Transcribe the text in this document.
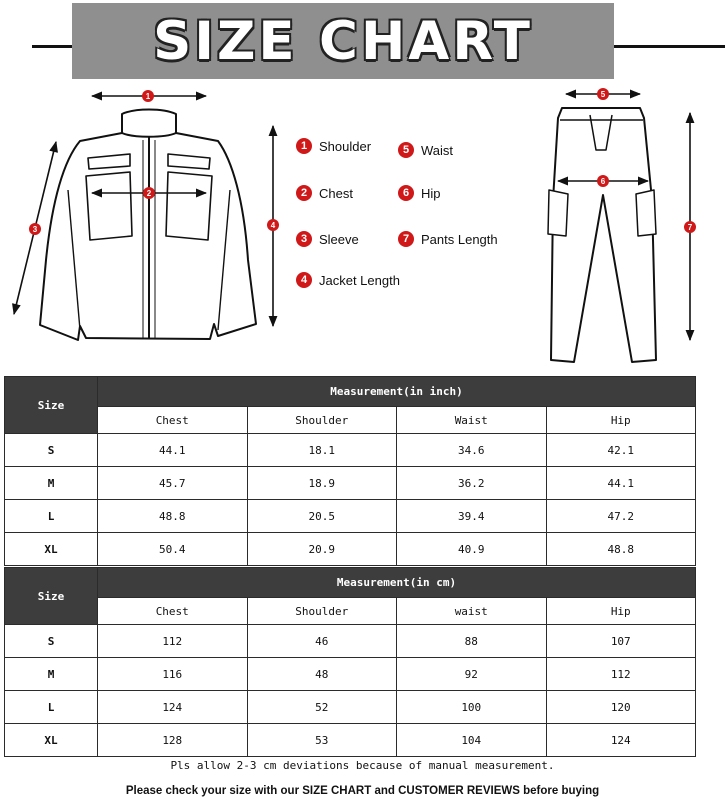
SIZE CHART
1
2
3	4
5
6
7
1 Shoulder	5 Waist
2 Chest	6 Hip
3 Sleeve	7 Pants Length
4 Jacket Length
Size	Measurement(in inch)			
	Chest	Shoulder	Waist	Hip
S	44.1	18.1	34.6	42.1
M	45.7	18.9	36.2	44.1
L	48.8	20.5	39.4	47.2
XL	50.4	20.9	40.9	48.8
Size	Measurement(in cm)			
	Chest	Shoulder	waist	Hip
S	112	46	88	107
M	116	48	92	112
L	124	52	100	120
XL	128	53	104	124
Pls allow 2-3 cm deviations because of manual measurement.
Please check your size with our SIZE CHART and CUSTOMER REVIEWS before buying
